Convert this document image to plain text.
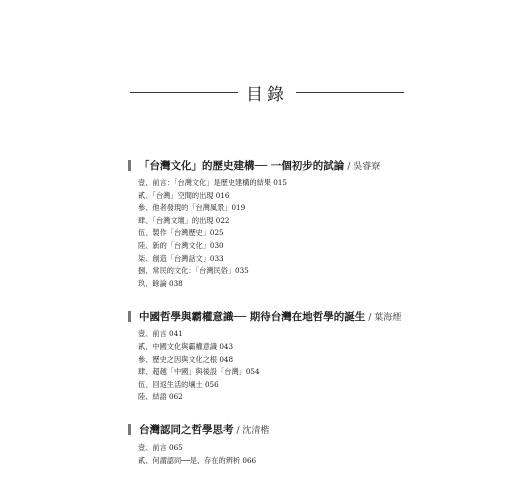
目錄
「台灣文化」的歷史建構── 一個初步的試論 / 吳睿寮
壹、前言：「台灣文化」是歷史建構的結果 015
貳、「台灣」空間的出現 016
參、他者發現的「台灣風景」019
肆、「台灣文壇」的出現 022
伍、製作「台灣歷史」025
陸、新的「台灣文化」030
柒、創造「台灣話文」033
捌、常民的文化：「台灣民俗」035
玖、餘論 038
中國哲學與霸權意識── 期待台灣在地哲學的誕生 / 葉海煙
壹、前言 041
貳、中國文化與霸權意識 043
參、歷史之因與文化之根 048
肆、超越「中國」與後設「台灣」054
伍、回返生活的壤土 056
陸、結語 062
台灣認同之哲學思考 / 沈清楷
壹、前言 065
貳、何謂認同──是、存在的辨析 066
